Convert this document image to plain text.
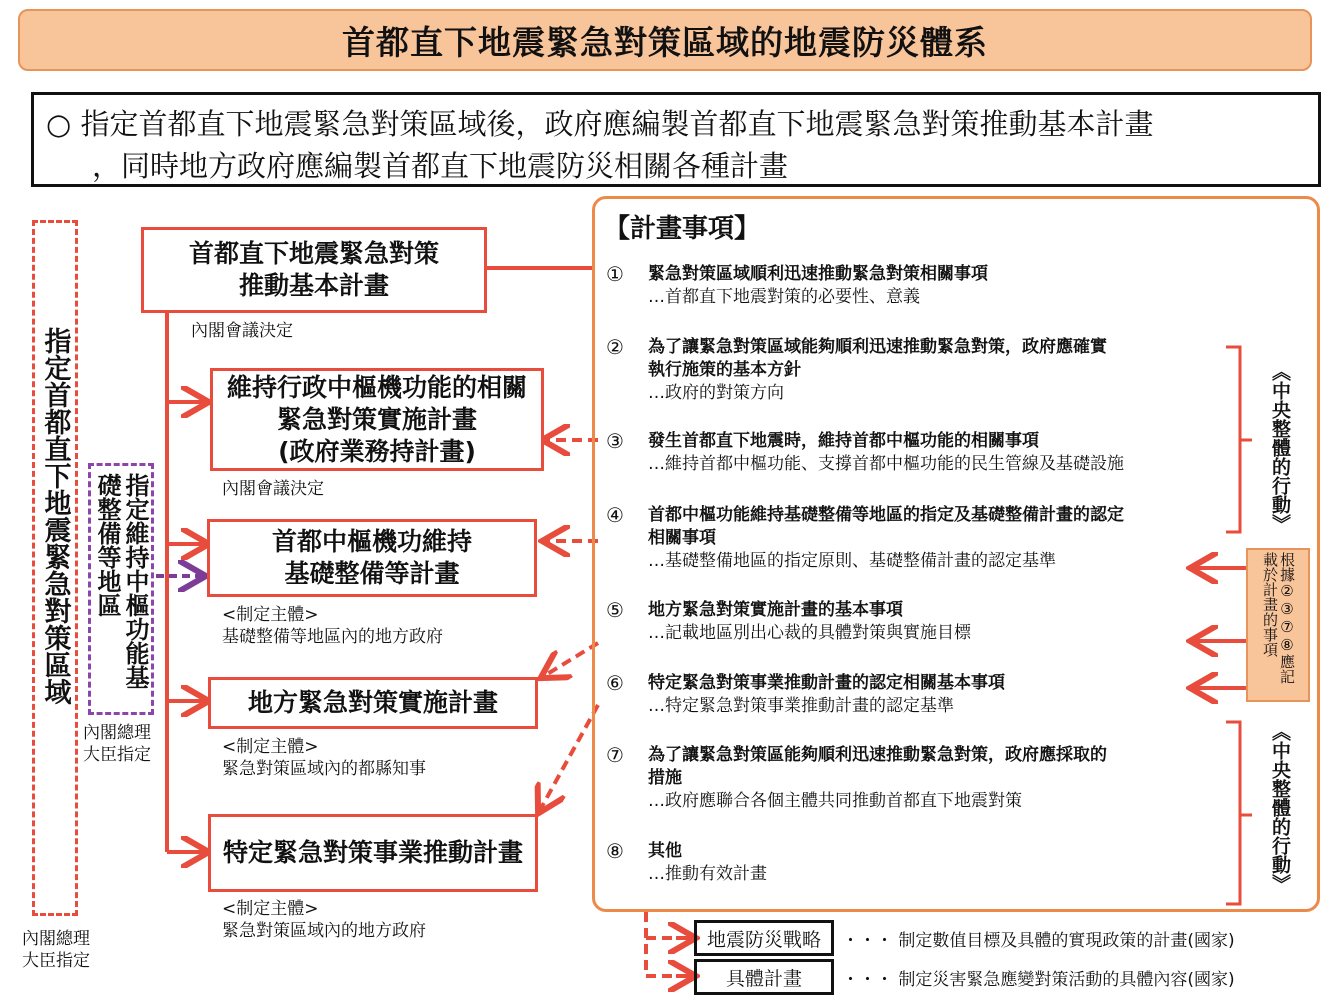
首都直下地震緊急對策區域的地震防災體系
○ 指定首都直下地震緊急對策區域後，政府應編製首都直下地震緊急對策推動基本計畫
，同時地方政府應編製首都直下地震防災相關各種計畫
指定首都直下地震緊急對策區域
內閣總理
大臣指定
指定維持中樞功能基礎整備等地區
內閣總理
大臣指定
首都直下地震緊急對策
推動基本計畫
內閣會議決定
維持行政中樞機功能的相關
緊急對策實施計畫
(政府業務持計畫)
內閣會議決定
首都中樞機功維持
基礎整備等計畫
<制定主體>
基礎整備等地區內的地方政府
地方緊急對策實施計畫
<制定主體>
緊急對策區域內的都縣知事
特定緊急對策事業推動計畫
<制定主體>
緊急對策區域內的地方政府
【計畫事項】
① 緊急對策區域順利迅速推動緊急對策相關事項
…首都直下地震對策的必要性、意義
② 為了讓緊急對策區域能夠順利迅速推動緊急對策，政府應確實
執行施策的基本方針
…政府的對策方向
③ 發生首都直下地震時，維持首都中樞功能的相關事項
…維持首都中樞功能、支撐首都中樞功能的民生管線及基礎設施
④ 首都中樞功能維持基礎整備等地區的指定及基礎整備計畫的認定
相關事項
…基礎整備地區的指定原則、基礎整備計畫的認定基準
⑤ 地方緊急對策實施計畫的基本事項
…記載地區別出心裁的具體對策與實施目標
⑥ 特定緊急對策事業推動計畫的認定相關基本事項
…特定緊急對策事業推動計畫的認定基準
⑦ 為了讓緊急對策區能夠順利迅速推動緊急對策，政府應採取的
措施
…政府應聯合各個主體共同推動首都直下地震對策
⑧ 其他
…推動有效計畫
《中央整體的行動》
《中央整體的行動》
根據②③⑦⑧應記載於計畫的事項
地震防災戰略	・・・ 制定數值目標及具體的實現政策的計畫(國家)
具體計畫	・・・ 制定災害緊急應變對策活動的具體內容(國家)
